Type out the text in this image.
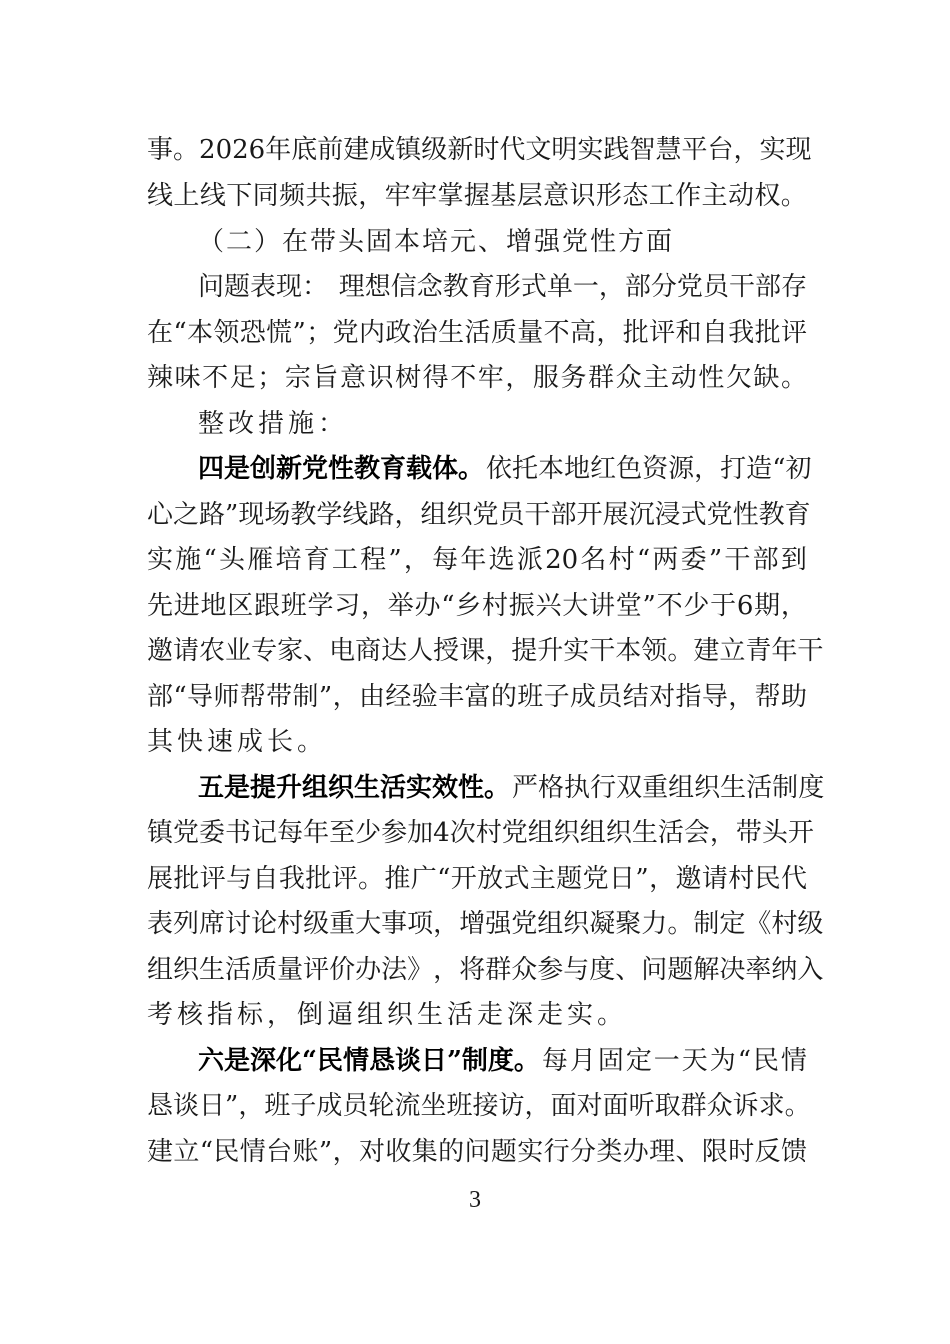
事 。 2026 年 底 前 建 成 镇 级 新 时 代 文 明 实 践 智 慧 平 台 ， 实 现
线 上 线 下 同 频 共 振 ， 牢 牢 掌 握 基 层 意 识 形 态 工 作 主 动 权 。
（二）在带头固本培元、增强党性方面
问 题 表 现 ： 理 想 信 念 教 育 形 式 单 一 ， 部 分 党 员 干 部 存
在 “ 本 领 恐 慌 ” ； 党 内 政 治 生 活 质 量 不 高 ， 批 评 和 自 我 批 评
辣 味 不 足 ； 宗 旨 意 识 树 得 不 牢 ， 服 务 群 众 主 动 性 欠 缺 。
整改措施：
四是创新党性教育载体。 依 托 本 地 红 色 资 源 ， 打 造 “ 初
心 之 路 ” 现 场 教 学 线 路 ， 组 织 党 员 干 部 开 展 沉 浸 式 党 性 教 育
实 施 “ 头 雁 培 育 工 程 ” ， 每 年 选 派 20 名 村 “ 两 委 ” 干 部 到
先 进 地 区 跟 班 学 习 ， 举 办 “ 乡 村 振 兴 大 讲 堂 ” 不 少 于 6 期 ，
邀 请 农 业 专 家 、 电 商 达 人 授 课 ， 提 升 实 干 本 领 。 建 立 青 年 干
部 “ 导 师 帮 带 制 ” ， 由 经 验 丰 富 的 班 子 成 员 结 对 指 导 ， 帮 助
其快速成长。
五是提升组织生活实效性。 严 格 执 行 双 重 组 织 生 活 制 度
镇 党 委 书 记 每 年 至 少 参 加 4 次 村 党 组 织 组 织 生 活 会 ， 带 头 开
展 批 评 与 自 我 批 评 。 推 广 “ 开 放 式 主 题 党 日 ” ， 邀 请 村 民 代
表 列 席 讨 论 村 级 重 大 事 项 ， 增 强 党 组 织 凝 聚 力 。 制 定 《 村 级
组 织 生 活 质 量 评 价 办 法 》 ， 将 群 众 参 与 度 、 问 题 解 决 率 纳 入
考核指标，倒逼组织生活走深走实。
六是深化“民情恳谈日”制度。 每 月 固 定 一 天 为 “ 民 情
恳 谈 日 ” ， 班 子 成 员 轮 流 坐 班 接 访 ， 面 对 面 听 取 群 众 诉 求 。
建 立 “ 民 情 台 账 ” ， 对 收 集 的 问 题 实 行 分 类 办 理 、 限 时 反 馈
3
